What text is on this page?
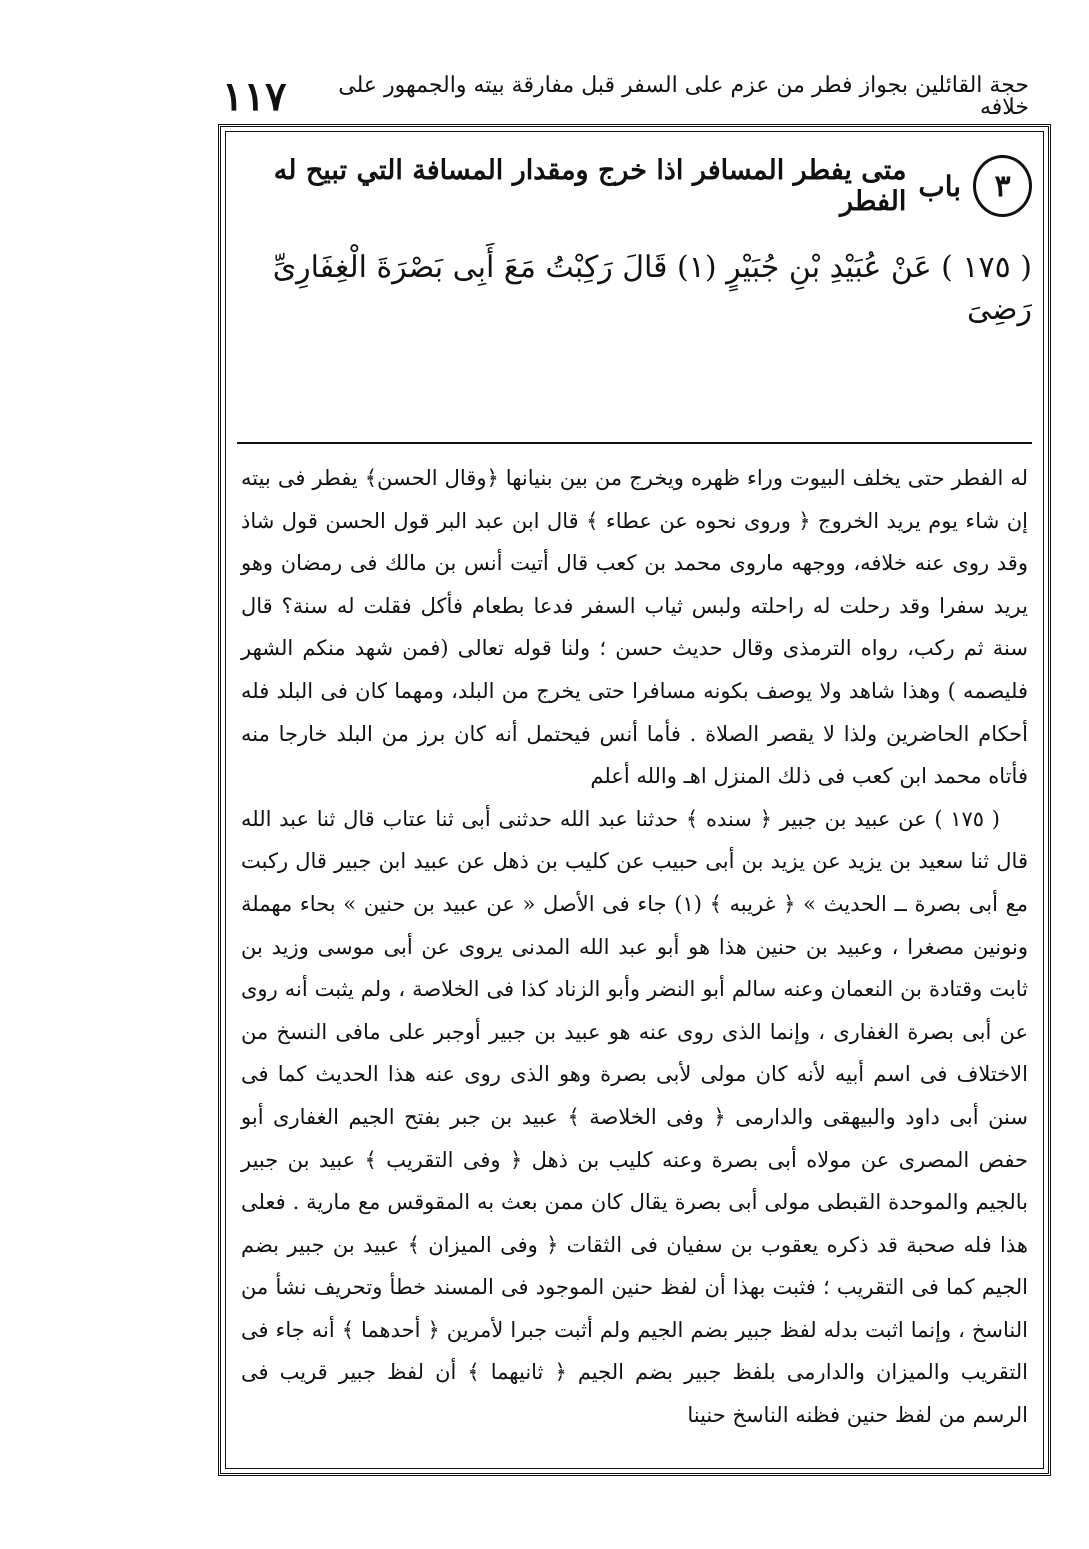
حجة القائلين بجواز فطر من عزم على السفر قبل مفارقة بيته والجمهور على خلافه
١١٧
٣
باب
متى يفطر المسافر اذا خرج ومقدار المسافة التي تبيح له الفطر
( ١٧٥ ) عَنْ عُبَيْدِ بْنِ جُبَيْرٍ (١) قَالَ رَكِبْتُ مَعَ أَبِى بَصْرَةَ الْغِفَارِىِّ رَضِىَ

له الفطر حتى يخلف البيوت وراء ظهره ويخرج من بين بنيانها ﴿وقال الحسن﴾ يفطر فى بيته إن شاء يوم يريد الخروج ﴿ وروى نحوه عن عطاء ﴾ قال ابن عبد البر قول الحسن قول شاذ وقد روى عنه خلافه، ووجهه ماروى محمد بن كعب قال أتيت أنس بن مالك فى رمضان وهو يريد سفرا وقد رحلت له راحلته ولبس ثياب السفر فدعا بطعام فأكل فقلت له سنة؟ قال سنة ثم ركب، رواه الترمذى وقال حديث حسن ؛ ولنا قوله تعالى (فمن شهد منكم الشهر فليصمه ) وهذا شاهد ولا يوصف بكونه مسافرا حتى يخرج من البلد، ومهما كان فى البلد فله أحكام الحاضرين ولذا لا يقصر الصلاة . فأما أنس فيحتمل أنه كان برز من البلد خارجا منه فأتاه محمد ابن كعب فى ذلك المنزل اهـ والله أعلم

( ١٧٥ ) عن عبيد بن جبير ﴿ سنده ﴾ حدثنا عبد الله حدثنى أبى ثنا عتاب قال ثنا عبد الله قال ثنا سعيد بن يزيد عن يزيد بن أبى حبيب عن كليب بن ذهل عن عبيد ابن جبير قال ركبت مع أبى بصرة ــ الحديث » ﴿ غريبه ﴾ (١) جاء فى الأصل « عن عبيد بن حنين » بحاء مهملة ونونين مصغرا ، وعبيد بن حنين هذا هو أبو عبد الله المدنى يروى عن أبى موسى وزيد بن ثابت وقتادة بن النعمان وعنه سالم أبو النضر وأبو الزناد كذا فى الخلاصة ، ولم يثبت أنه روى عن أبى بصرة الغفارى ، وإنما الذى روى عنه هو عبيد بن جبير أوجبر على مافى النسخ من الاختلاف فى اسم أبيه لأنه كان مولى لأبى بصرة وهو الذى روى عنه هذا الحديث كما فى سنن أبى داود والبيهقى والدارمى ﴿ وفى الخلاصة ﴾ عبيد بن جبر بفتح الجيم الغفارى أبو حفص المصرى عن مولاه أبى بصرة وعنه كليب بن ذهل ﴿ وفى التقريب ﴾ عبيد بن جبير بالجيم والموحدة القبطى مولى أبى بصرة يقال كان ممن بعث به المقوقس مع مارية . فعلى هذا فله صحبة قد ذكره يعقوب بن سفيان فى الثقات ﴿ وفى الميزان ﴾ عبيد بن جبير بضم الجيم كما فى التقريب ؛ فثبت بهذا أن لفظ حنين الموجود فى المسند خطأ وتحريف نشأ من الناسخ ، وإنما اثبت بدله لفظ جبير بضم الجيم ولم أثبت جبرا لأمرين ﴿ أحدهما ﴾ أنه جاء فى التقريب والميزان والدارمى بلفظ جبير بضم الجيم ﴿ ثانيهما ﴾ أن لفظ جبير قريب فى الرسم من لفظ حنين فظنه الناسخ حنينا
